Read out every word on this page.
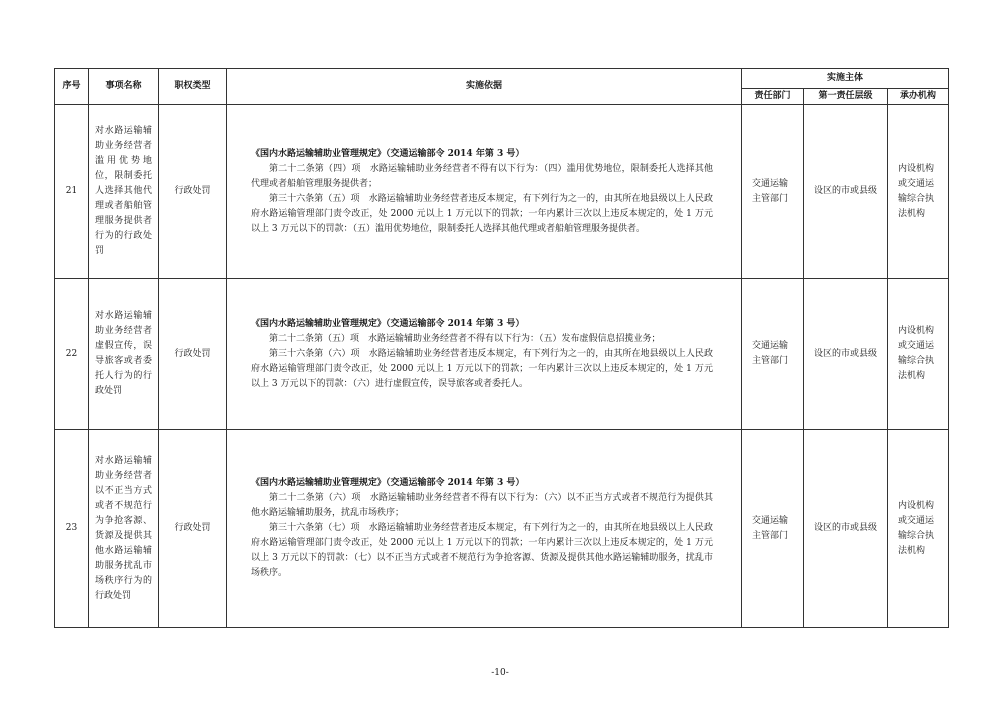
序号	事项名称	职权类型	实施依据	实施主体		
				责任部门	第一责任层级	承办机构
21	对水路运输辅助业务经营者滥用优势地 位，限制委托人选择其他代理或者船舶管理服务提供者行为的行政处罚	行政处罚	《国内水路运输辅助业管理规定》（交通运输部令 2014 年第 3 号）

第二十二条第（四）项　水路运输辅助业务经营者不得有以下行为：（四）滥用优势地位，限制委托人选择其他代理或者船舶管理服务提供者；

第三十六条第（五）项　水路运输辅助业务经营者违反本规定，有下列行为之一的，由其所在地县级以上人民政府水路运输管理部门责令改正，处 2000 元以上 1 万元以下的罚款；一年内累计三次以上违反本规定的，处 1 万元以上 3 万元以下的罚款：（五）滥用优势地位，限制委托人选择其他代理或者船舶管理服务提供者。	交通运输主管部门	设区的市或县级	内设机构或交通运输综合执法机构
22	对水路运输辅助业务经营者虚假宣传，误导旅客或者委托人行为的行政处罚	行政处罚	《国内水路运输辅助业管理规定》（交通运输部令 2014 年第 3 号）

第二十二条第（五）项　水路运输辅助业务经营者不得有以下行为：（五）发布虚假信息招揽业务；

第三十六条第（六）项　水路运输辅助业务经营者违反本规定，有下列行为之一的，由其所在地县级以上人民政府水路运输管理部门责令改正，处 2000 元以上 1 万元以下的罚款；一年内累计三次以上违反本规定的，处 1 万元以上 3 万元以下的罚款：（六）进行虚假宣传，误导旅客或者委托人。	交通运输主管部门	设区的市或县级	内设机构或交通运输综合执法机构
23	对水路运输辅助业务经营者以不正当方式或者不规范行为争抢客源、货源及提供其他水路运输辅助服务扰乱市场秩序行为的行政处罚	行政处罚	《国内水路运输辅助业管理规定》（交通运输部令 2014 年第 3 号）

第二十二条第（六）项　水路运输辅助业务经营者不得有以下行为：（六）以不正当方式或者不规范行为提供其他水路运输辅助服务，扰乱市场秩序；

第三十六条第（七）项　水路运输辅助业务经营者违反本规定，有下列行为之一的，由其所在地县级以上人民政府水路运输管理部门责令改正，处 2000 元以上 1 万元以下的罚款；一年内累计三次以上违反本规定的，处 1 万元以上 3 万元以下的罚款：（七）以不正当方式或者不规范行为争抢客源、货源及提供其他水路运输辅助服务，扰乱市场秩序。	交通运输主管部门	设区的市或县级	内设机构或交通运输综合执法机构
-10-
